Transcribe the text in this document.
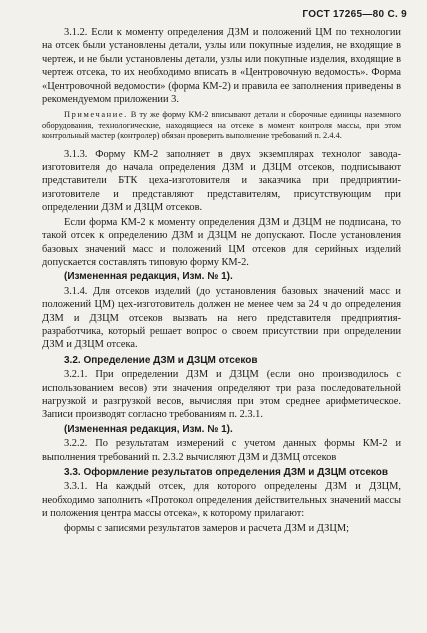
ГОСТ 17265—80 С. 9

3.1.2. Если к моменту определения ДЗМ и положений ЦМ по технологии на отсек были установлены детали, узлы или покупные изделия, не входящие в чертеж, и не были установлены детали, узлы или покупные изделия, входящие в чертеж отсека, то их необходимо вписать в «Центровочную ведомость». Форма «Центровочной ведомости» (форма КМ-2) и правила ее заполнения приведены в рекомендуемом приложении 3.

Примечание. В ту же форму КМ-2 вписывают детали и сборочные единицы наземного оборудования, технологические, находящиеся на отсеке в момент контроля массы, при этом контрольный мастер (контролер) обязан проверить выполнение требований п. 2.4.4.

3.1.3. Форму КМ-2 заполняет в двух экземплярах технолог завода-изготовителя до начала определения ДЗМ и ДЗЦМ отсеков, подписывают представители БТК цеха-изготовителя и заказчика при предприятии-изготовителе и представляют представителям, присутствующим при определении ДЗМ и ДЗЦМ отсеков.

Если форма КМ-2 к моменту определения ДЗМ и ДЗЦМ не подписана, то такой отсек к определению ДЗМ и ДЗЦМ не допускают. После установления базовых значений масс и положений ЦМ отсеков для серийных изделий допускается составлять типовую форму КМ-2.

(Измененная редакция, Изм. № 1).

3.1.4. Для отсеков изделий (до установления базовых значений масс и положений ЦМ) цех-изготовитель должен не менее чем за 24 ч до определения ДЗМ и ДЗЦМ отсеков вызвать на него представителя предприятия-разработчика, который решает вопрос о своем присутствии при определении ДЗМ и ДЗЦМ отсека.

3.2. Определение ДЗМ и ДЗЦМ отсеков

3.2.1. При определении ДЗМ и ДЗЦМ (если оно производилось с использованием весов) эти значения определяют три раза последовательной нагрузкой и разгрузкой весов, вычисляя при этом среднее арифметическое. Записи производят согласно требованиям п. 2.3.1.

(Измененная редакция, Изм. № 1).

3.2.2. По результатам измерений с учетом данных формы КМ-2 и выполнения требований п. 2.3.2 вычисляют ДЗМ и ДЗМЦ отсеков

3.3. Оформление результатов определения ДЗМ и ДЗЦМ отсеков

3.3.1. На каждый отсек, для которого определены ДЗМ и ДЗЦМ, необходимо заполнить «Протокол определения действительных значений массы и положения центра массы отсека», к которому прилагают:

формы с записями результатов замеров и расчета ДЗМ и ДЗЦМ;
